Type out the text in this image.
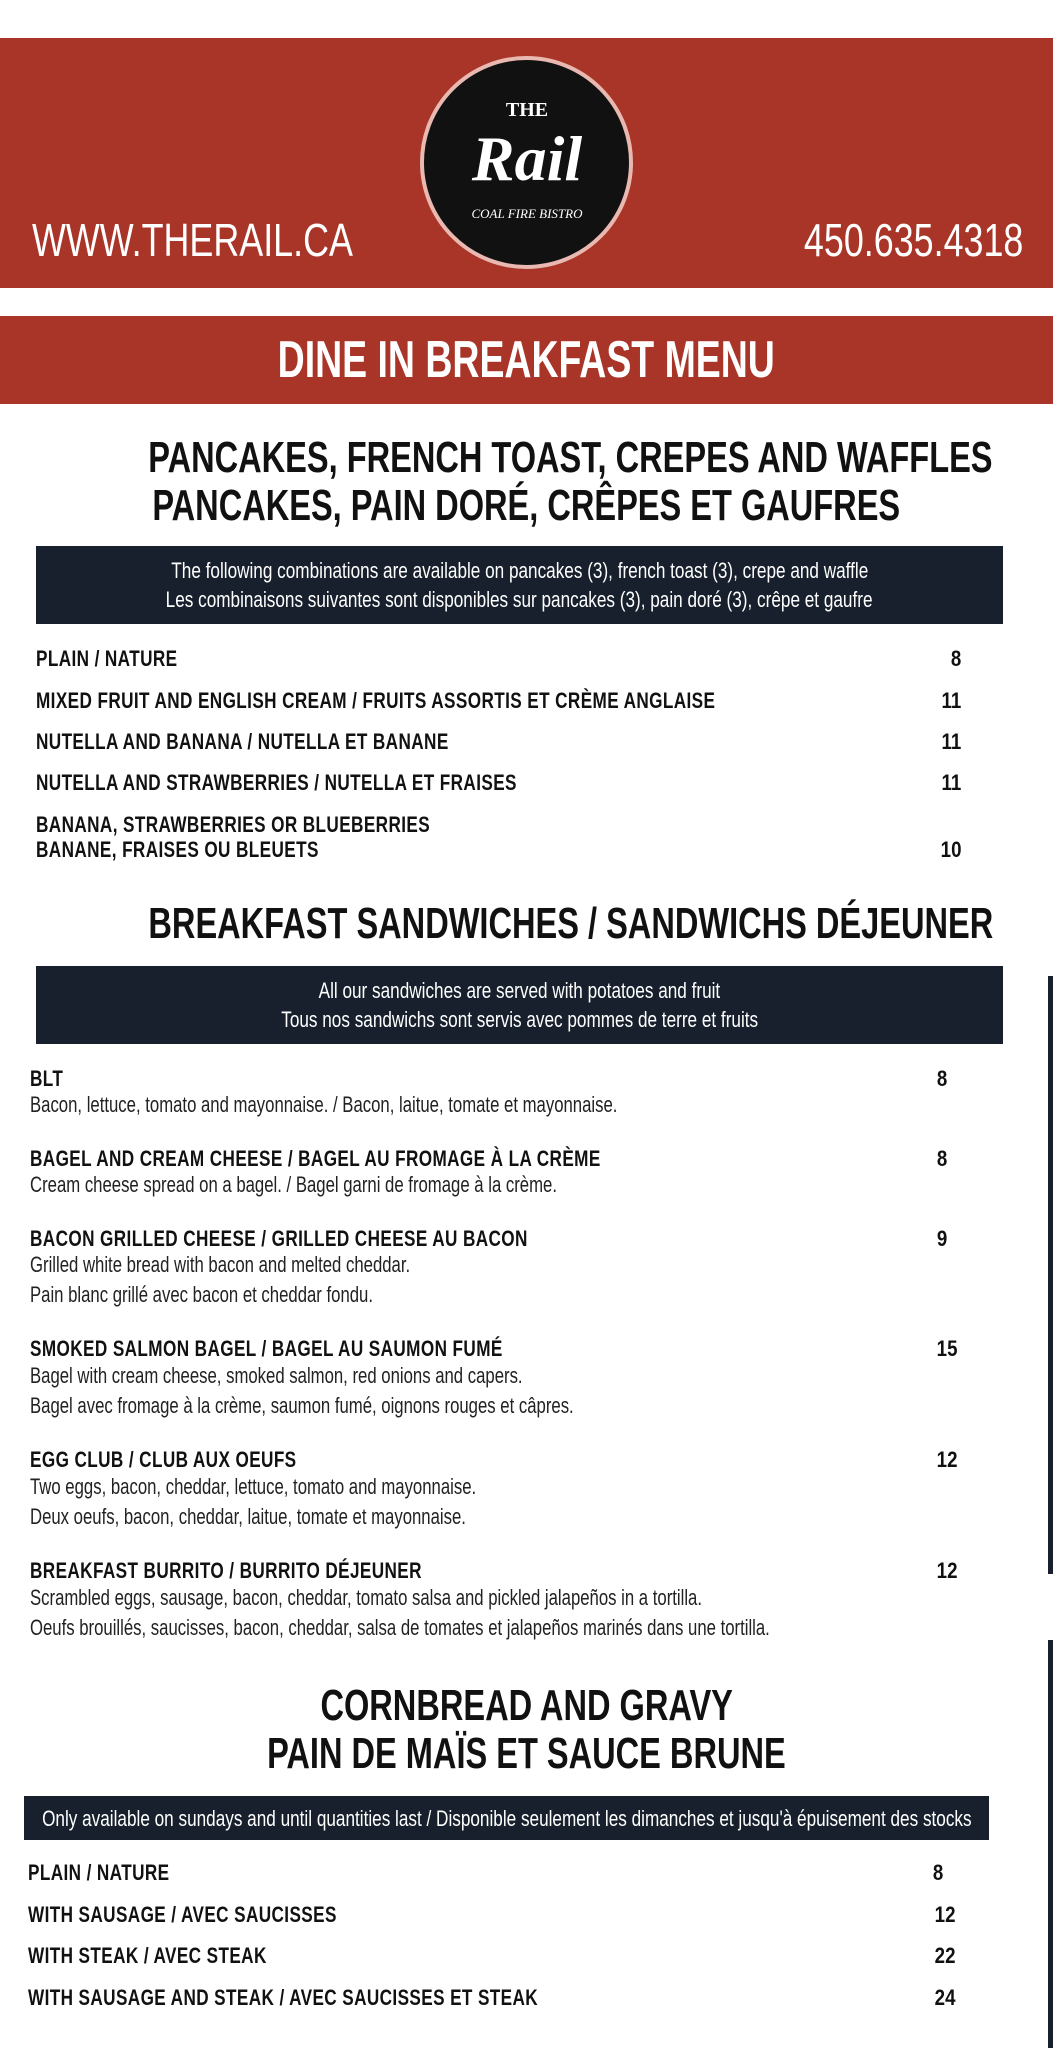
WWW.THERAIL.CA	450.635.4318
THE
Rail
COAL FIRE BISTRO
DINE IN BREAKFAST MENU
PANCAKES, FRENCH TOAST, CREPES AND WAFFLES
PANCAKES, PAIN DORÉ, CRÊPES ET GAUFRES
The following combinations are available on pancakes (3), french toast (3), crepe and waffle
Les combinaisons suivantes sont disponibles sur pancakes (3), pain doré (3), crêpe et gaufre
PLAIN / NATURE	8
MIXED FRUIT AND ENGLISH CREAM / FRUITS ASSORTIS ET CRÈME ANGLAISE	11
NUTELLA AND BANANA / NUTELLA ET BANANE	11
NUTELLA AND STRAWBERRIES / NUTELLA ET FRAISES	11
BANANA, STRAWBERRIES OR BLUEBERRIES
BANANE, FRAISES OU BLEUETS	10
BREAKFAST SANDWICHES / SANDWICHS DÉJEUNER
All our sandwiches are served with potatoes and fruit
Tous nos sandwichs sont servis avec pommes de terre et fruits
BLT	8
Bacon, lettuce, tomato and mayonnaise. / Bacon, laitue, tomate et mayonnaise.
BAGEL AND CREAM CHEESE / BAGEL AU FROMAGE À LA CRÈME	8
Cream cheese spread on a bagel. / Bagel garni de fromage à la crème.
BACON GRILLED CHEESE / GRILLED CHEESE AU BACON	9
Grilled white bread with bacon and melted cheddar.
Pain blanc grillé avec bacon et cheddar fondu.
SMOKED SALMON BAGEL / BAGEL AU SAUMON FUMÉ	15
Bagel with cream cheese, smoked salmon, red onions and capers.
Bagel avec fromage à la crème, saumon fumé, oignons rouges et câpres.
EGG CLUB / CLUB AUX OEUFS	12
Two eggs, bacon, cheddar, lettuce, tomato and mayonnaise.
Deux oeufs, bacon, cheddar, laitue, tomate et mayonnaise.
BREAKFAST BURRITO / BURRITO DÉJEUNER	12
Scrambled eggs, sausage, bacon, cheddar, tomato salsa and pickled jalapeños in a tortilla.
Oeufs brouillés, saucisses, bacon, cheddar, salsa de tomates et jalapeños marinés dans une tortilla.
CORNBREAD AND GRAVY
PAIN DE MAÏS ET SAUCE BRUNE
Only available on sundays and until quantities last / Disponible seulement les dimanches et jusqu'à épuisement des stocks
PLAIN / NATURE	8
WITH SAUSAGE / AVEC SAUCISSES	12
WITH STEAK / AVEC STEAK	22
WITH SAUSAGE AND STEAK / AVEC SAUCISSES ET STEAK	24
